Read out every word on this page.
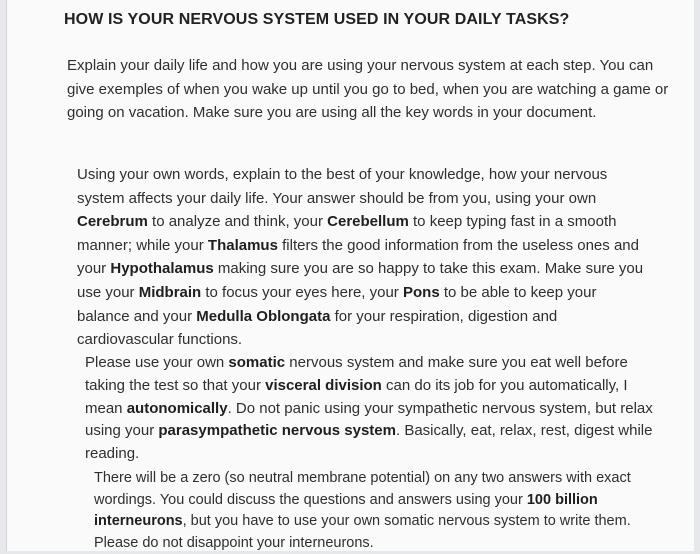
HOW IS YOUR NERVOUS SYSTEM USED IN YOUR DAILY TASKS?

Explain your daily life and how you are using your nervous system at each step. You can give exemples of when you wake up until you go to bed, when you are watching a game or going on vacation. Make sure you are using all the key words in your document.

Using your own words, explain to the best of your knowledge, how your nervous system affects your daily life. Your answer should be from you, using your own Cerebrum to analyze and think, your Cerebellum to keep typing fast in a smooth manner; while your Thalamus filters the good information from the useless ones and your Hypothalamus making sure you are so happy to take this exam. Make sure you use your Midbrain to focus your eyes here, your Pons to be able to keep your balance and your Medulla Oblongata for your respiration, digestion and cardiovascular functions.

Please use your own somatic nervous system and make sure you eat well before taking the test so that your visceral division can do its job for you automatically, I mean autonomically. Do not panic using your sympathetic nervous system, but relax using your parasympathetic nervous system. Basically, eat, relax, rest, digest while reading.

There will be a zero (so neutral membrane potential) on any two answers with exact wordings. You could discuss the questions and answers using your 100 billion interneurons, but you have to use your own somatic nervous system to write them. Please do not disappoint your interneurons.
